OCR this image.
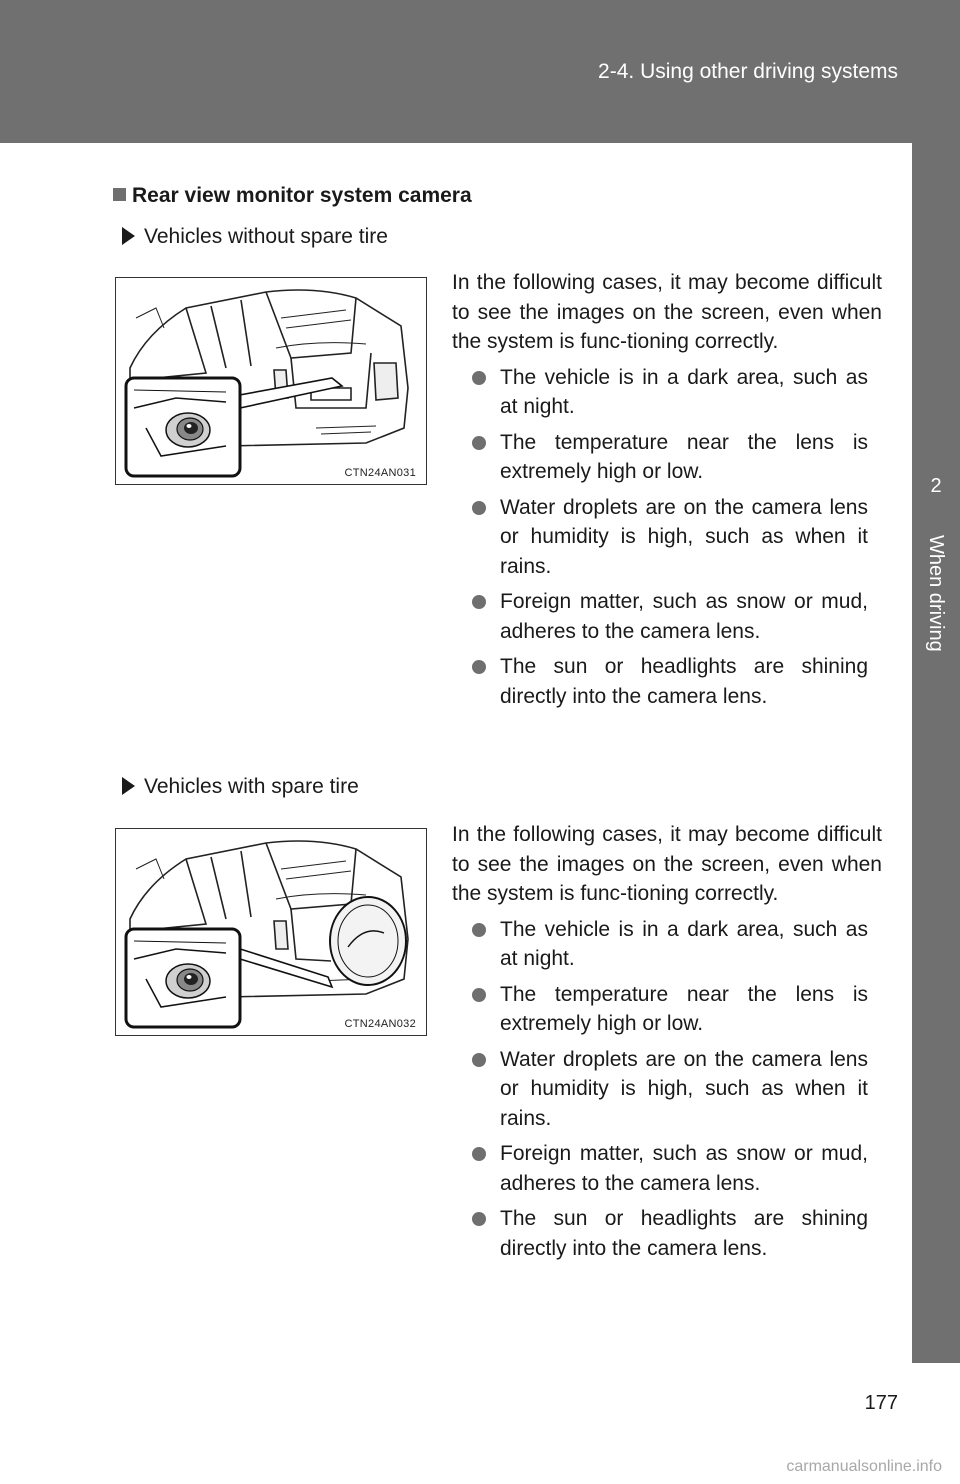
2-4. Using other driving systems
2
When driving
Rear view monitor system camera
Vehicles without spare tire
CTN24AN031

In the following cases, it may become difficult to see the images on the screen, even when the system is func-tioning correctly.

The vehicle is in a dark area, such as at night.
The temperature near the lens is extremely high or low.
Water droplets are on the camera lens or humidity is high, such as when it rains.
Foreign matter, such as snow or mud, adheres to the camera lens.
The sun or headlights are shining directly into the camera lens.
Vehicles with spare tire
CTN24AN032

In the following cases, it may become difficult to see the images on the screen, even when the system is func-tioning correctly.

The vehicle is in a dark area, such as at night.
The temperature near the lens is extremely high or low.
Water droplets are on the camera lens or humidity is high, such as when it rains.
Foreign matter, such as snow or mud, adheres to the camera lens.
The sun or headlights are shining directly into the camera lens.
177
carmanualsonline.info
